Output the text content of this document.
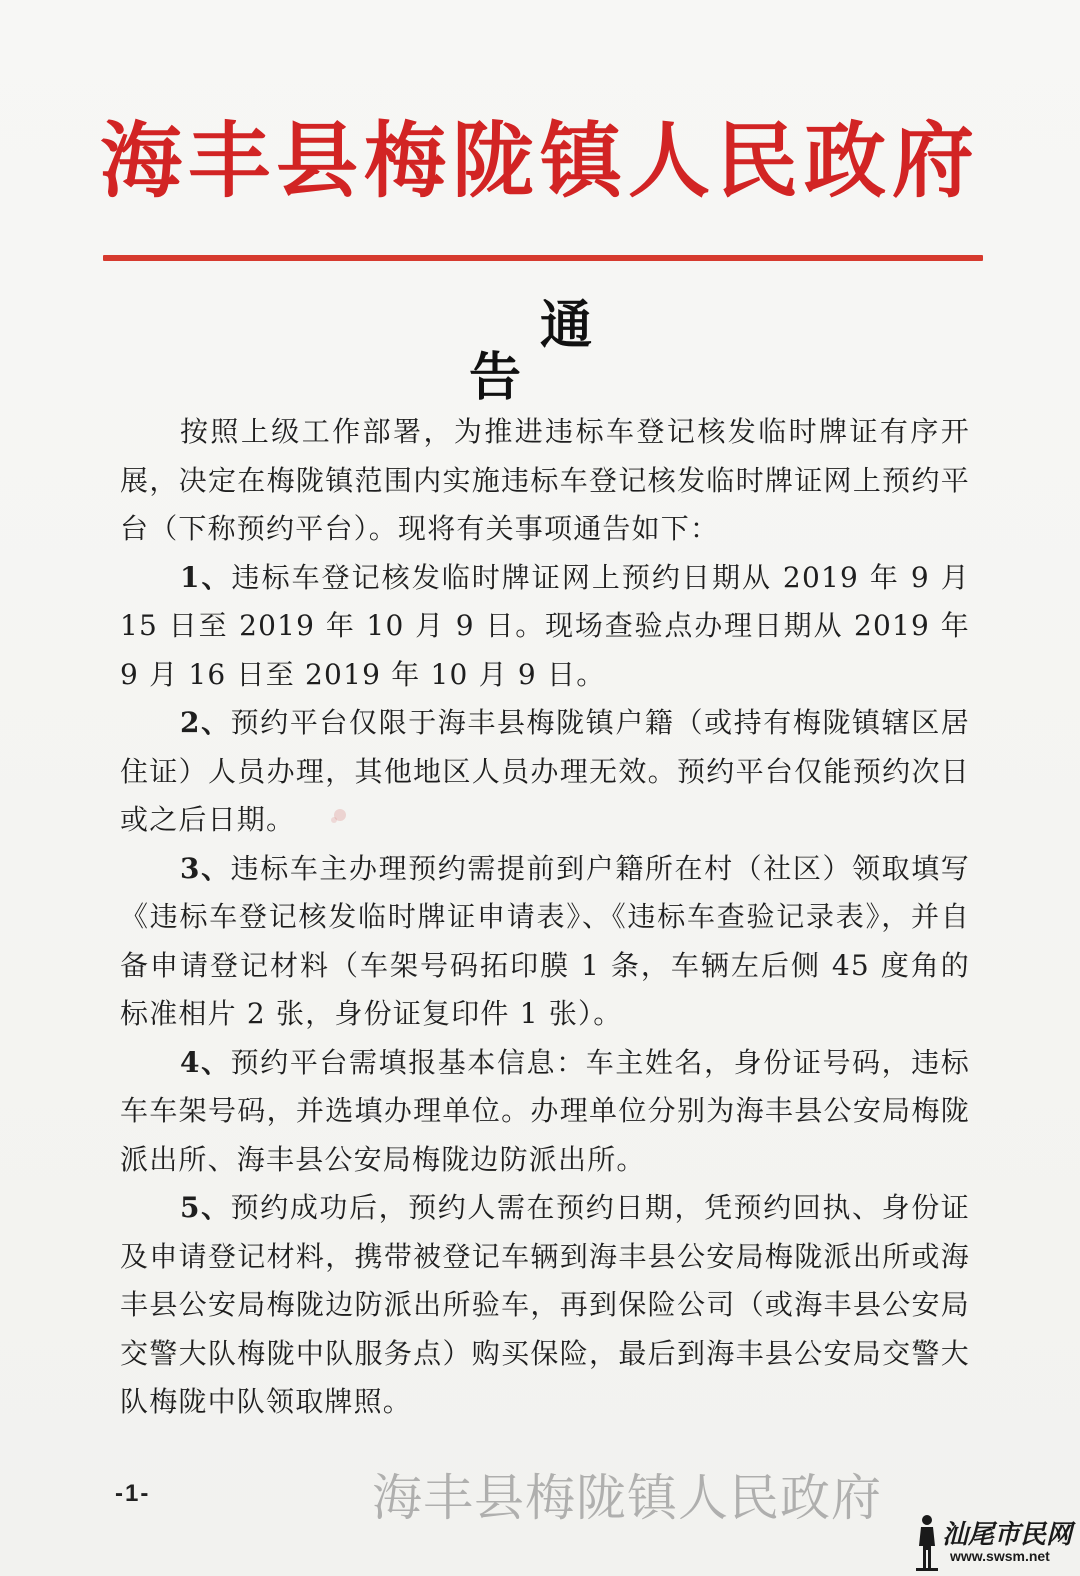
海丰县梅陇镇人民政府
通告

按照上级工作部署，为推进违标车登记核发临时牌证有序开展，决定在梅陇镇范围内实施违标车登记核发临时牌证网上预约平台（下称预约平台）。现将有关事项通告如下：

1、违标车登记核发临时牌证网上预约日期从 2019 年 9 月 15 日至 2019 年 10 月 9 日。现场查验点办理日期从 2019 年 9 月 16 日至 2019 年 10 月 9 日。

2、预约平台仅限于海丰县梅陇镇户籍（或持有梅陇镇辖区居住证）人员办理，其他地区人员办理无效。预约平台仅能预约次日或之后日期。

3、违标车主办理预约需提前到户籍所在村（社区）领取填写《违标车登记核发临时牌证申请表》、《违标车查验记录表》，并自备申请登记材料（车架号码拓印膜 1 条，车辆左后侧 45 度角的标准相片 2 张，身份证复印件 1 张）。

4、预约平台需填报基本信息：车主姓名，身份证号码，违标车车架号码，并选填办理单位。办理单位分别为海丰县公安局梅陇派出所、海丰县公安局梅陇边防派出所。

5、预约成功后，预约人需在预约日期，凭预约回执、身份证及申请登记材料，携带被登记车辆到海丰县公安局梅陇派出所或海丰县公安局梅陇边防派出所验车，再到保险公司（或海丰县公安局交警大队梅陇中队服务点）购买保险，最后到海丰县公安局交警大队梅陇中队领取牌照。

-1-	海丰县梅陇镇人民政府
汕尾市民网
www.swsm.net
